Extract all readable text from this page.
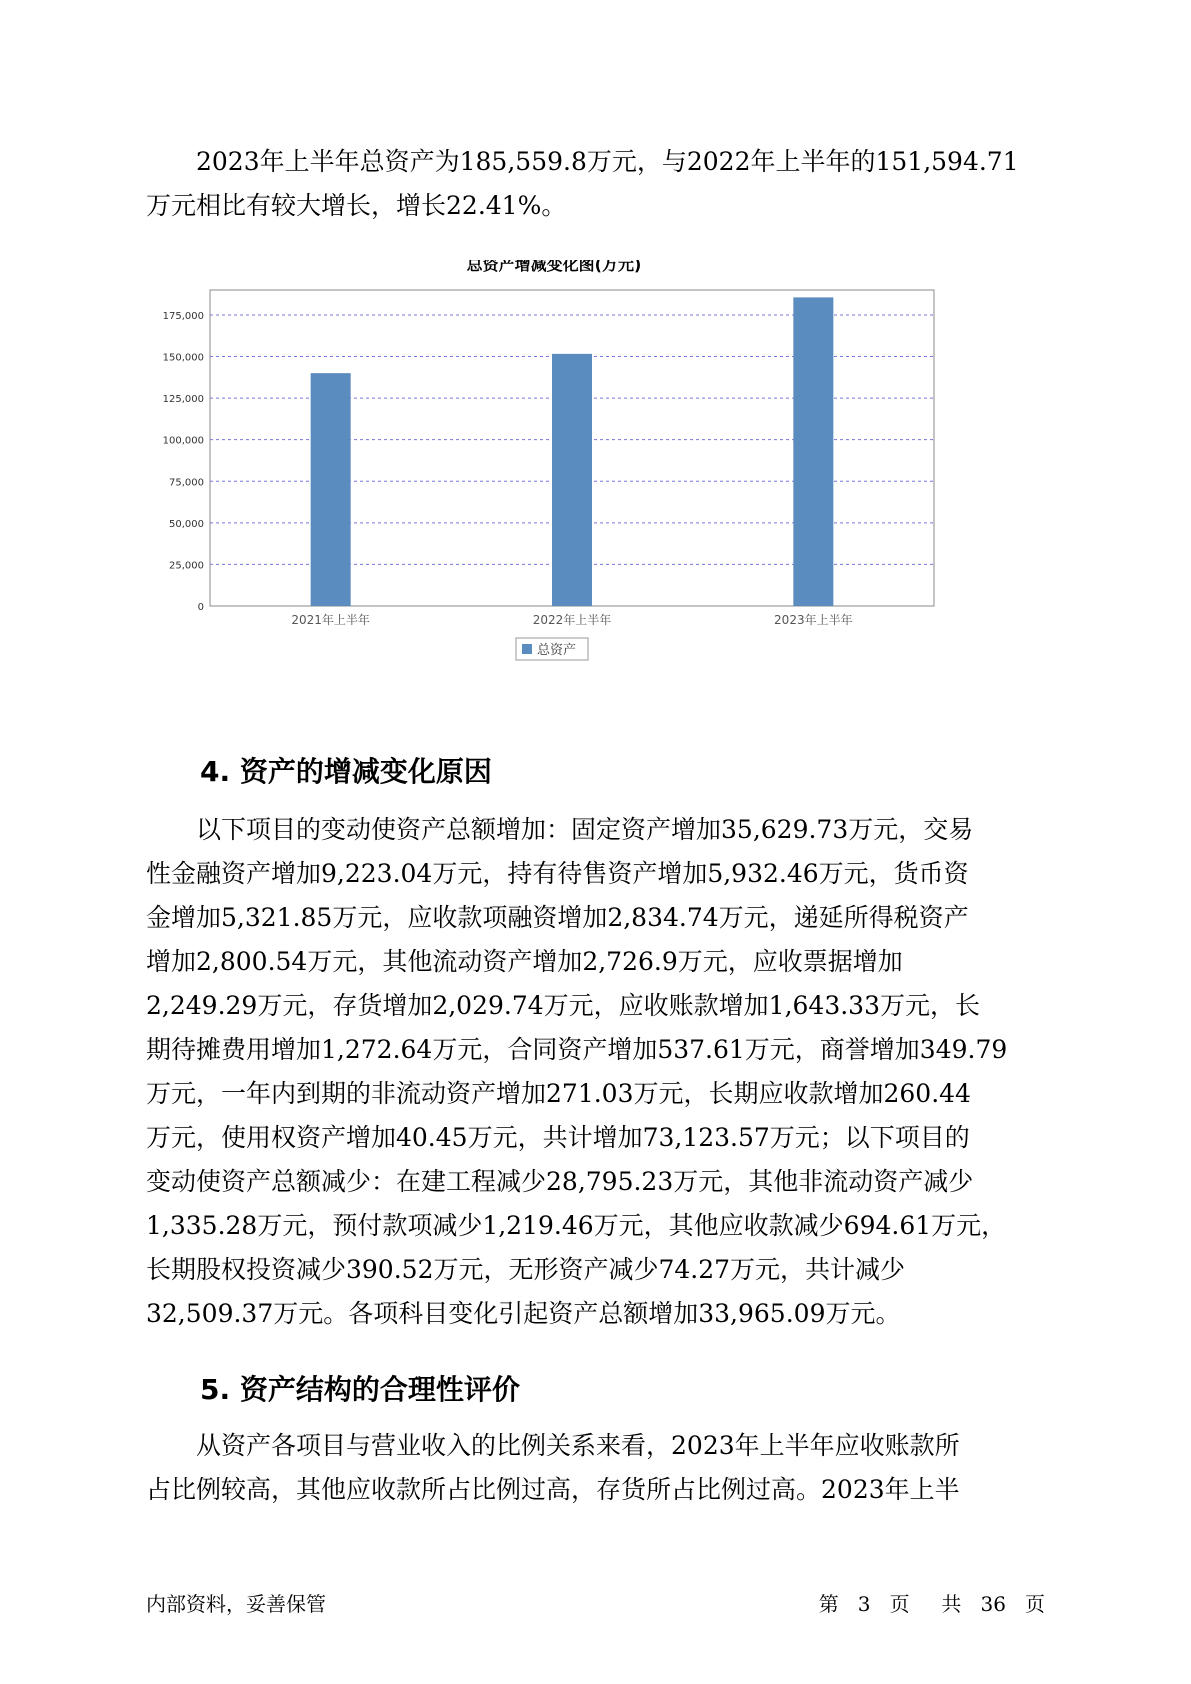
2023年上半年总资产为185,559.8万元，与2022年上半年的151,594.71
万元相比有较大增长，增长22.41%。
总资产增减变化图(万元)
0
25,000
50,000
75,000
100,000
125,000
150,000
175,000
2021年上半年	2022年上半年	2023年上半年
总资产
4. 资产的增减变化原因
以下项目的变动使资产总额增加：固定资产增加35,629.73万元，交易
性金融资产增加9,223.04万元，持有待售资产增加5,932.46万元，货币资
金增加5,321.85万元，应收款项融资增加2,834.74万元，递延所得税资产
增加2,800.54万元，其他流动资产增加2,726.9万元，应收票据增加
2,249.29万元，存货增加2,029.74万元，应收账款增加1,643.33万元，长
期待摊费用增加1,272.64万元，合同资产增加537.61万元，商誉增加349.79
万元，一年内到期的非流动资产增加271.03万元，长期应收款增加260.44
万元，使用权资产增加40.45万元，共计增加73,123.57万元；以下项目的
变动使资产总额减少：在建工程减少28,795.23万元，其他非流动资产减少
1,335.28万元，预付款项减少1,219.46万元，其他应收款减少694.61万元，
长期股权投资减少390.52万元，无形资产减少74.27万元，共计减少
32,509.37万元。各项科目变化引起资产总额增加33,965.09万元。
5. 资产结构的合理性评价
从资产各项目与营业收入的比例关系来看，2023年上半年应收账款所
占比例较高，其他应收款所占比例过高，存货所占比例过高。2023年上半
内部资料，妥善保管	第 3 页 共 36 页
